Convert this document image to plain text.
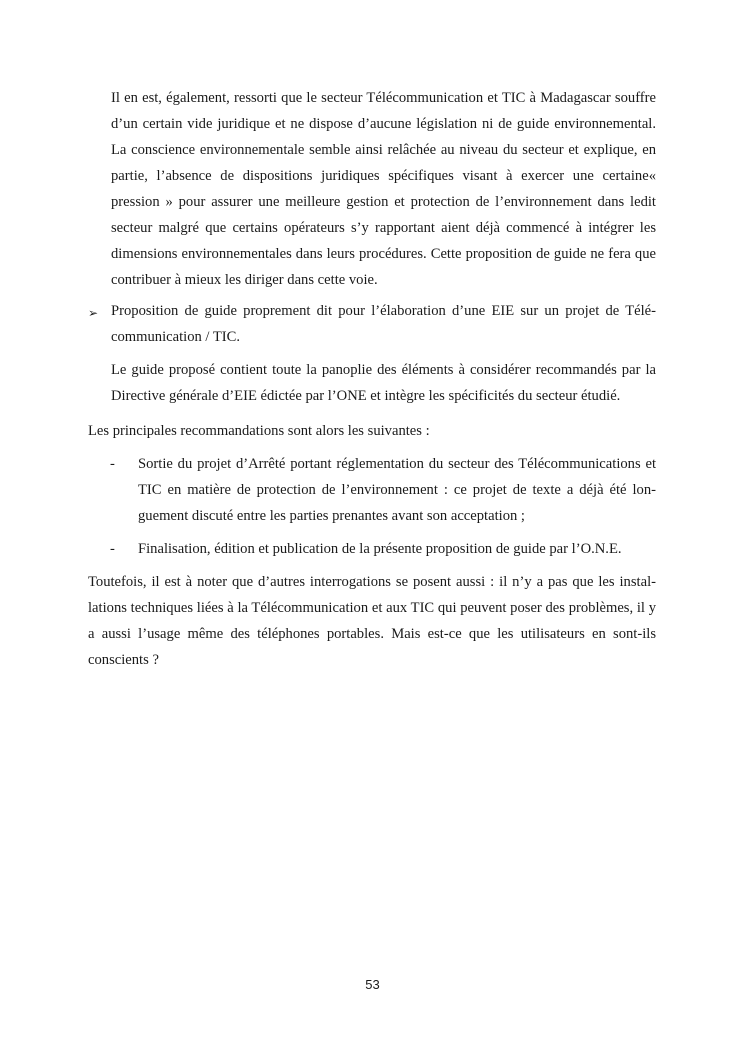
Il en est, également, ressorti que le secteur Télécommunication et TIC à Madagascar souffre d’un certain vide juridique et ne dispose d’aucune législation ni de guide environnemental. La conscience environnementale semble ainsi relâchée au niveau du secteur et explique, en partie, l’absence de dispositions juridiques spécifiques visant à exercer une certaine« pression » pour assurer une meilleure gestion et protection de l’environnement dans ledit secteur malgré que certains opérateurs s’y rapportant aient déjà commencé à intégrer les dimensions environnementales dans leurs procédures. Cette proposition de guide ne fera que contribuer à mieux les diriger dans cette voie.

➢ Proposition de guide proprement dit pour l’élaboration d’une EIE sur un projet de Télécommunication / TIC.

Le guide proposé contient toute la panoplie des éléments à considérer recommandés par la Directive générale d’EIE édictée par l’ONE et intègre les spécificités du secteur étudié.

Les principales recommandations sont alors les suivantes :

- Sortie du projet d’Arrêté portant réglementation du secteur des Télécommunications et TIC en matière de protection de l’environnement : ce projet de texte a déjà été longuement discuté entre les parties prenantes avant son acceptation ;

- Finalisation, édition et publication de la présente proposition de guide par l’O.N.E.

Toutefois, il est à noter que d’autres interrogations se posent aussi : il n’y a pas que les installations techniques liées à la Télécommunication et aux TIC qui peuvent poser des problèmes, il y a aussi l’usage même des téléphones portables. Mais est-ce que les utilisateurs en sont-ils conscients ?

53
